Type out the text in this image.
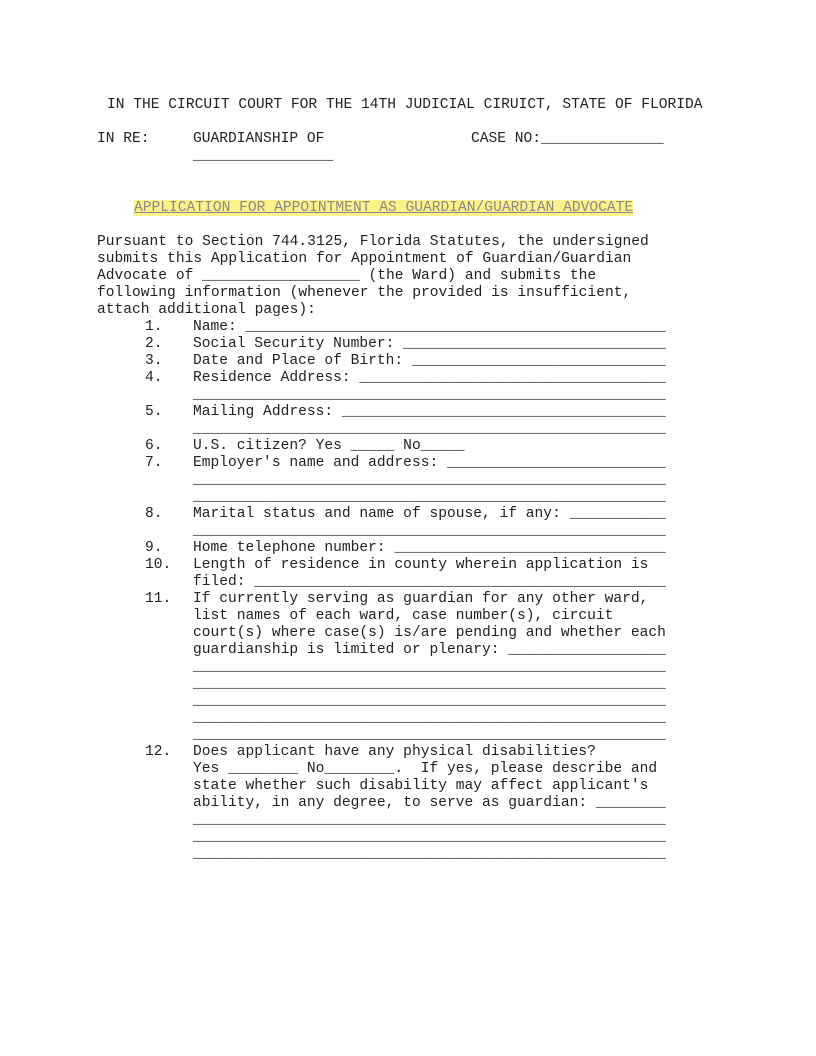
IN THE CIRCUIT COURT FOR THE 14TH JUDICIAL CIRUICT, STATE OF FLORIDA
IN RE:	GUARDIANSHIP OF	CASE NO:______________
________________
APPLICATION FOR APPOINTMENT AS GUARDIAN/GUARDIAN ADVOCATE
Pursuant to Section 744.3125, Florida Statutes, the undersigned
submits this Application for Appointment of Guardian/Guardian
Advocate of __________________ (the Ward) and submits the
following information (whenever the provided is insufficient,
attach additional pages):
1. Name: ________________________________________________
2. Social Security Number: ______________________________
3. Date and Place of Birth: _____________________________
4. Residence Address: ___________________________________
______________________________________________________
5. Mailing Address: _____________________________________
______________________________________________________
6. U.S. citizen? Yes _____ No_____
7. Employer's name and address: _________________________
______________________________________________________
______________________________________________________
8. Marital status and name of spouse, if any: ___________
______________________________________________________
9. Home telephone number: _______________________________
10. Length of residence in county wherein application is
filed: _______________________________________________
11. If currently serving as guardian for any other ward,
list names of each ward, case number(s), circuit
court(s) where case(s) is/are pending and whether each
guardianship is limited or plenary: __________________
______________________________________________________
______________________________________________________
______________________________________________________
______________________________________________________
______________________________________________________
12. Does applicant have any physical disabilities?
Yes ________ No________.  If yes, please describe and
state whether such disability may affect applicant's
ability, in any degree, to serve as guardian: ________
______________________________________________________
______________________________________________________
______________________________________________________
